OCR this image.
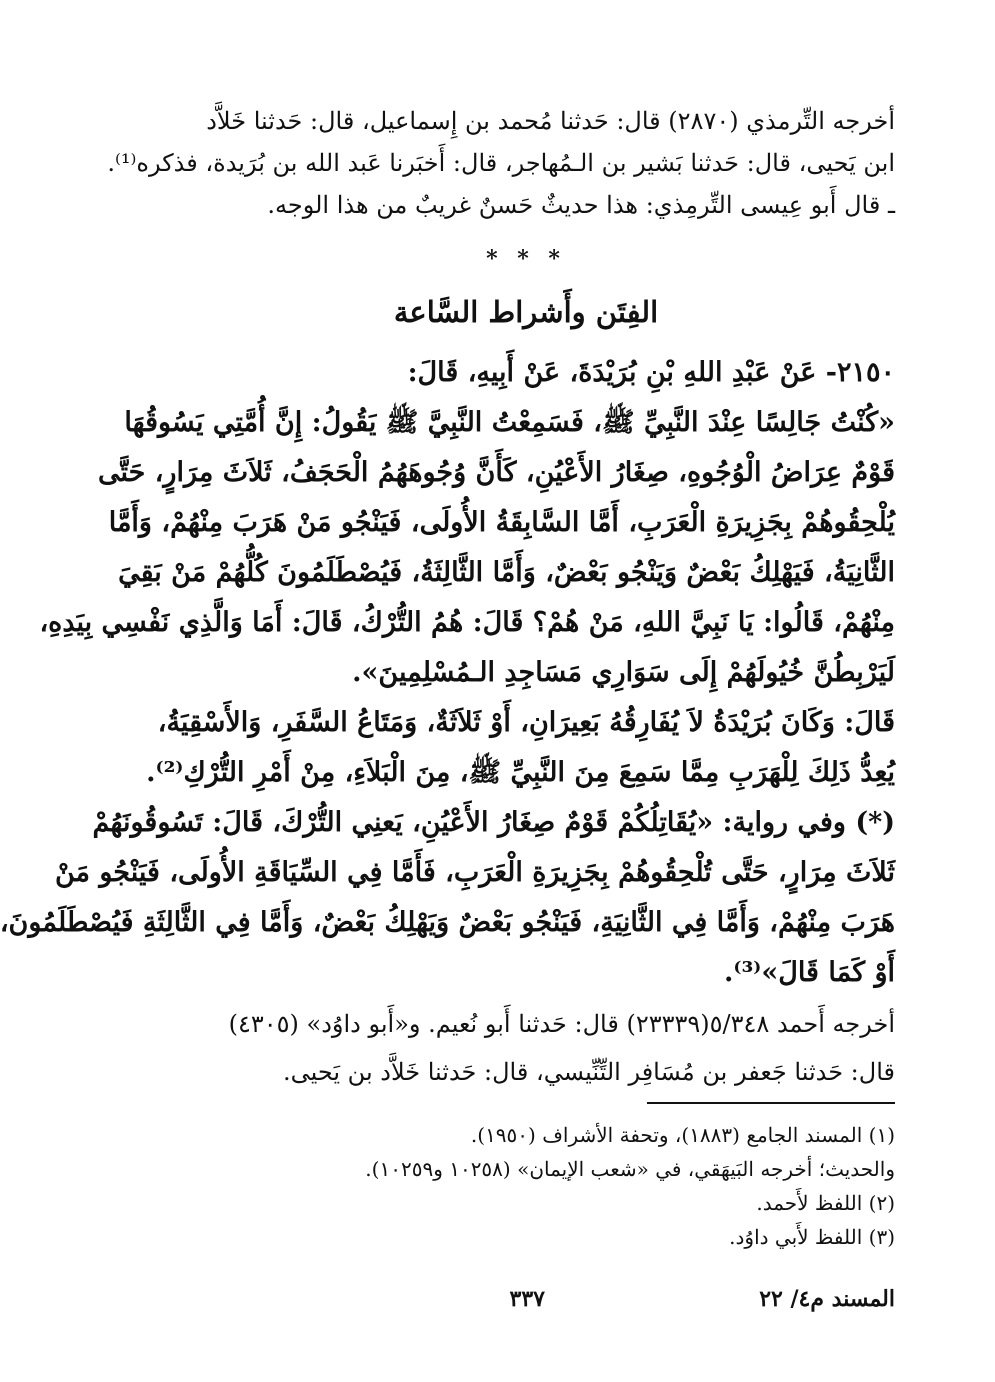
أخرجه التِّرمذي (٢٨٧٠) قال: حَدثنا مُحمد بن إِسماعيل، قال: حَدثنا خَلاَّد
ابن يَحيى، قال: حَدثنا بَشير بن الـمُهاجر، قال: أَخبَرنا عَبد الله بن بُرَيدة، فذكره⁽¹⁾.
ـ قال أَبو عِيسى التِّرمِذي: هذا حديثٌ حَسنٌ غريبٌ من هذا الوجه.
* * *
الفِتَن وأَشراط السَّاعة
٢١٥٠- عَنْ عَبْدِ اللهِ بْنِ بُرَيْدَةَ، عَنْ أَبِيهِ، قَالَ:
«كُنْتُ جَالِسًا عِنْدَ النَّبِيِّ ﷺ، فَسَمِعْتُ النَّبِيَّ ﷺ يَقُولُ: إِنَّ أُمَّتِي يَسُوقُهَا
قَوْمٌ عِرَاضُ الْوُجُوهِ، صِغَارُ الأَعْيُنِ، كَأَنَّ وُجُوهَهُمُ الْحَجَفُ، ثَلاَثَ مِرَارٍ، حَتَّى
يُلْحِقُوهُمْ بِجَزِيرَةِ الْعَرَبِ، أَمَّا السَّابِقَةُ الأُولَى، فَيَنْجُو مَنْ هَرَبَ مِنْهُمْ، وَأَمَّا
الثَّانِيَةُ، فَيَهْلِكُ بَعْضٌ وَيَنْجُو بَعْضٌ، وَأَمَّا الثَّالِثَةُ، فَيُصْطَلَمُونَ كُلُّهُمْ مَنْ بَقِيَ
مِنْهُمْ، قَالُوا: يَا نَبِيَّ اللهِ، مَنْ هُمْ؟ قَالَ: هُمُ التُّرْكُ، قَالَ: أَمَا وَالَّذِي نَفْسِي بِيَدِهِ،
لَيَرْبِطُنَّ خُيُولَهُمْ إِلَى سَوَارِي مَسَاجِدِ الـمُسْلِمِينَ».
قَالَ: وَكَانَ بُرَيْدَةُ لاَ يُفَارِقُهُ بَعِيرَانِ، أَوْ ثَلاَثَةٌ، وَمَتَاعُ السَّفَرِ، وَالأَسْقِيَةُ،
يُعِدُّ ذَلِكَ لِلْهَرَبِ مِمَّا سَمِعَ مِنَ النَّبِيِّ ﷺ، مِنَ الْبَلاَءِ، مِنْ أَمْرِ التُّرْكِ⁽²⁾.
(*) وفي رواية: «يُقَاتِلُكُمْ قَوْمٌ صِغَارُ الأَعْيُنِ، يَعنِي التُّرْكَ، قَالَ: تَسُوقُونَهُمْ
ثَلاَثَ مِرَارٍ، حَتَّى تُلْحِقُوهُمْ بِجَزِيرَةِ الْعَرَبِ، فَأَمَّا فِي السِّيَاقَةِ الأُولَى، فَيَنْجُو مَنْ
هَرَبَ مِنْهُمْ، وَأَمَّا فِي الثَّانِيَةِ، فَيَنْجُو بَعْضٌ وَيَهْلِكُ بَعْضٌ، وَأَمَّا فِي الثَّالِثَةِ فَيُصْطَلَمُونَ،
أَوْ كَمَا قَالَ»⁽³⁾.
أخرجه أَحمد ٥/٣٤٨(٢٣٣٣٩) قال: حَدثنا أَبو نُعيم. و«أَبو داوُد» (٤٣٠٥)
قال: حَدثنا جَعفر بن مُسَافِر التِّنِّيسي، قال: حَدثنا خَلاَّد بن يَحيى.
(١) المسند الجامع (١٨٨٣)، وتحفة الأشراف (١٩٥٠).
والحديث؛ أخرجه البَيهَقي، في «شعب الإيمان» (١٠٢٥٨ و١٠٢٥٩).
(٢) اللفظ لأَحمد.
(٣) اللفظ لأَبي داوُد.
المسند م٤/ ٢٢
٣٣٧
